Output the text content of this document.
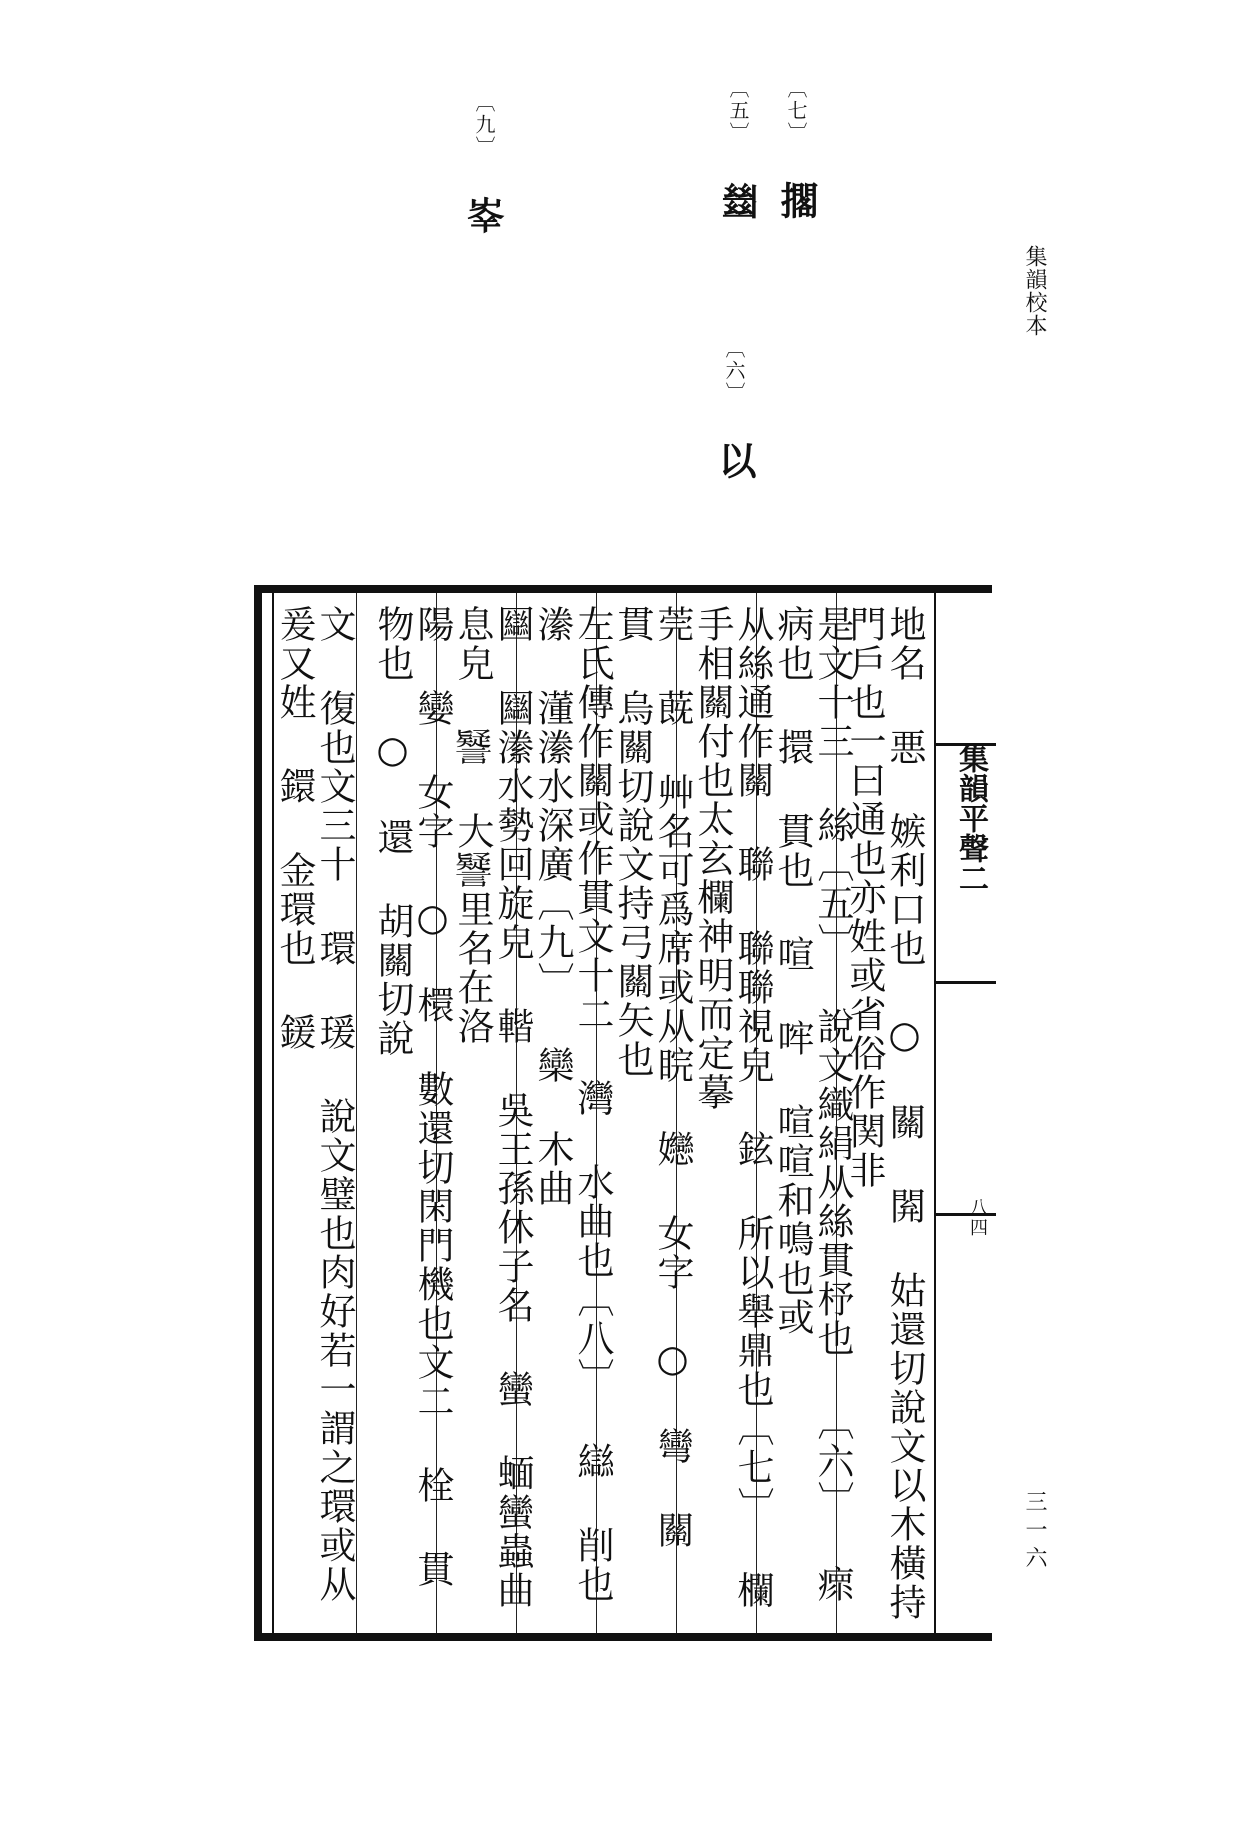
〔五〕 𢇍
〔六〕 以
〔七〕 擱
〔九〕 𡴖
集韻校本
三一六
集韻平聲二
八四
地名 悪 嫉利口也 ○ 關 閞 姑還切說文以木橫持門戶也一曰通也亦姓或省俗作関非
是文十三 絲〔五〕 說文織絹从絲貫杼也 〔六〕 瘝 病也 擐 貫也 喧 哰 喧喧和鳴也或
从絲通作關 聯 聯聯視皃 鉉 所以舉鼎也〔七〕 欄 手相關付也太玄欄神明而定摹
莞 蔇 艸名可爲席或从睆 㜻 女字 ○ 彎 關 貫 烏關切說文持弓關矢也
左氏傳作關或作貫文十二 灣 水曲也〔八〕 䜌 削也 潫 𣿅潫水深廣〔九〕 欒 木曲
圝 圝潫水勢回旋皃 䡡 吳王孫休子名 蠻 蝒蠻蟲曲息皃 𧭐 大𧭐里名在洛
陽 孌 女字 ○ 檈 數還切閑門機也文二 栓 貫物也 ○ 還 胡關切說
文 復也文三十 環 瑗 說文璧也肉好若一謂之環或从爰又姓 鐶 金環也 鍰
